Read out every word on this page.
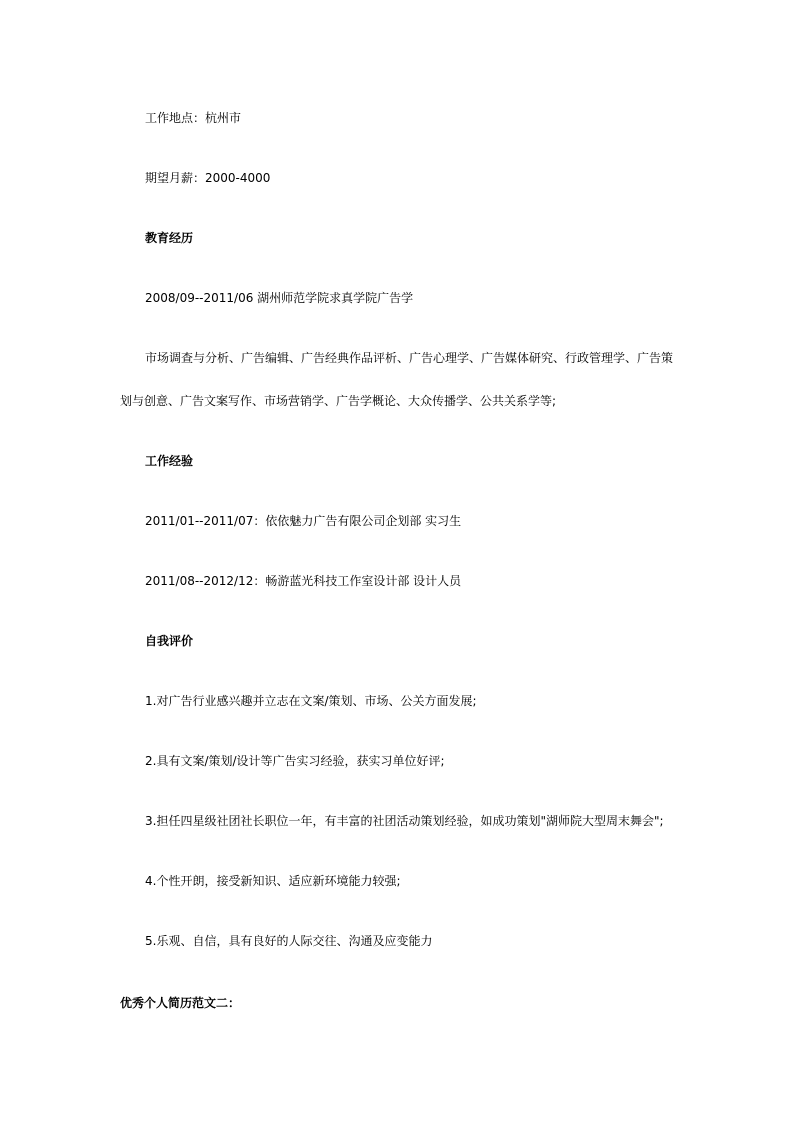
工作地点：杭州市
期望月薪：2000-4000
教育经历
2008/09--2011/06 湖州师范学院求真学院广告学
市场调查与分析、广告编辑、广告经典作品评析、广告心理学、广告媒体研究、行政管理学、广告策
划与创意、广告文案写作、市场营销学、广告学概论、大众传播学、公共关系学等;
工作经验
2011/01--2011/07：依依魅力广告有限公司企划部 实习生
2011/08--2012/12：畅游蓝光科技工作室设计部 设计人员
自我评价
1.对广告行业感兴趣并立志在文案/策划、市场、公关方面发展;
2.具有文案/策划/设计等广告实习经验，获实习单位好评;
3.担任四星级社团社长职位一年，有丰富的社团活动策划经验，如成功策划"湖师院大型周末舞会";
4.个性开朗，接受新知识、适应新环境能力较强;
5.乐观、自信，具有良好的人际交往、沟通及应变能力
优秀个人简历范文二：
